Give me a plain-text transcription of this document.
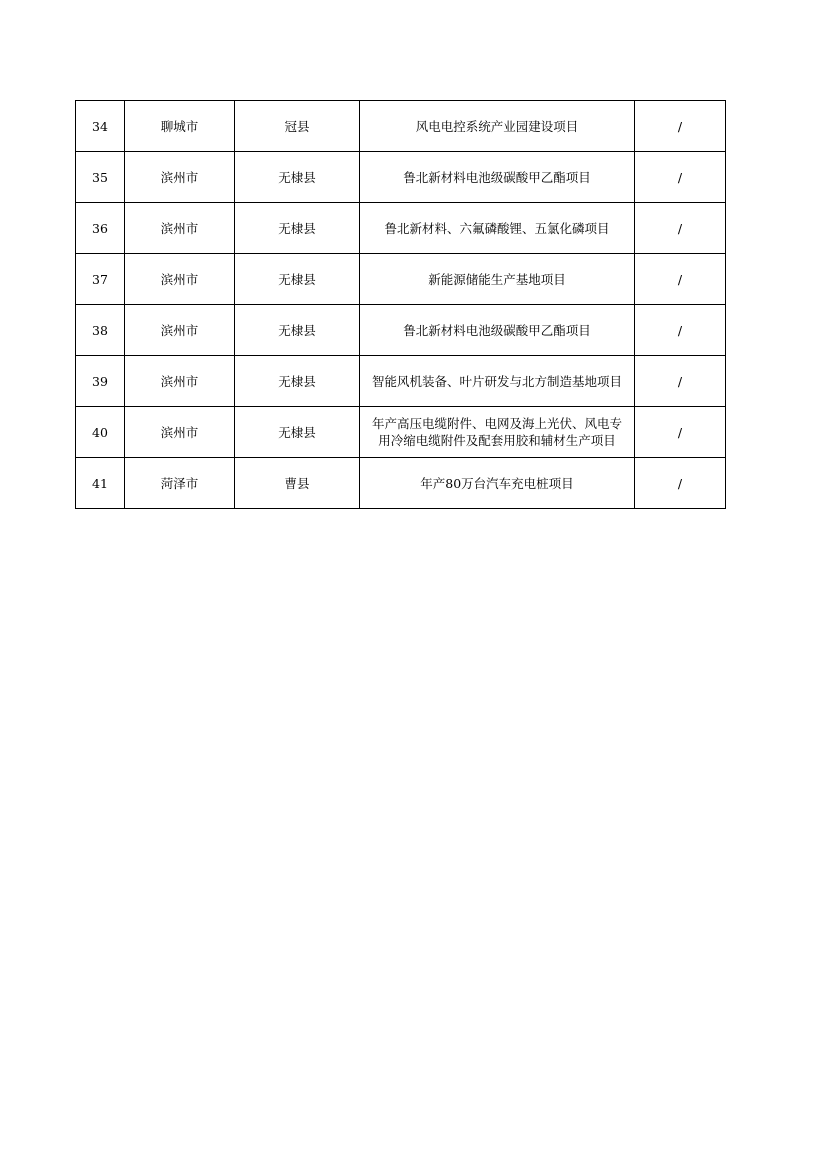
34	聊城市	冠县	风电电控系统产业园建设项目	/
35	滨州市	无棣县	鲁北新材料电池级碳酸甲乙酯项目	/
36	滨州市	无棣县	鲁北新材料、六氟磷酸锂、五氯化磷项目	/
37	滨州市	无棣县	新能源储能生产基地项目	/
38	滨州市	无棣县	鲁北新材料电池级碳酸甲乙酯项目	/
39	滨州市	无棣县	智能风机装备、叶片研发与北方制造基地项目	/
40	滨州市	无棣县	年产高压电缆附件、电网及海上光伏、风电专用冷缩电缆附件及配套用胶和辅材生产项目	/
41	菏泽市	曹县	年产80万台汽车充电桩项目	/
